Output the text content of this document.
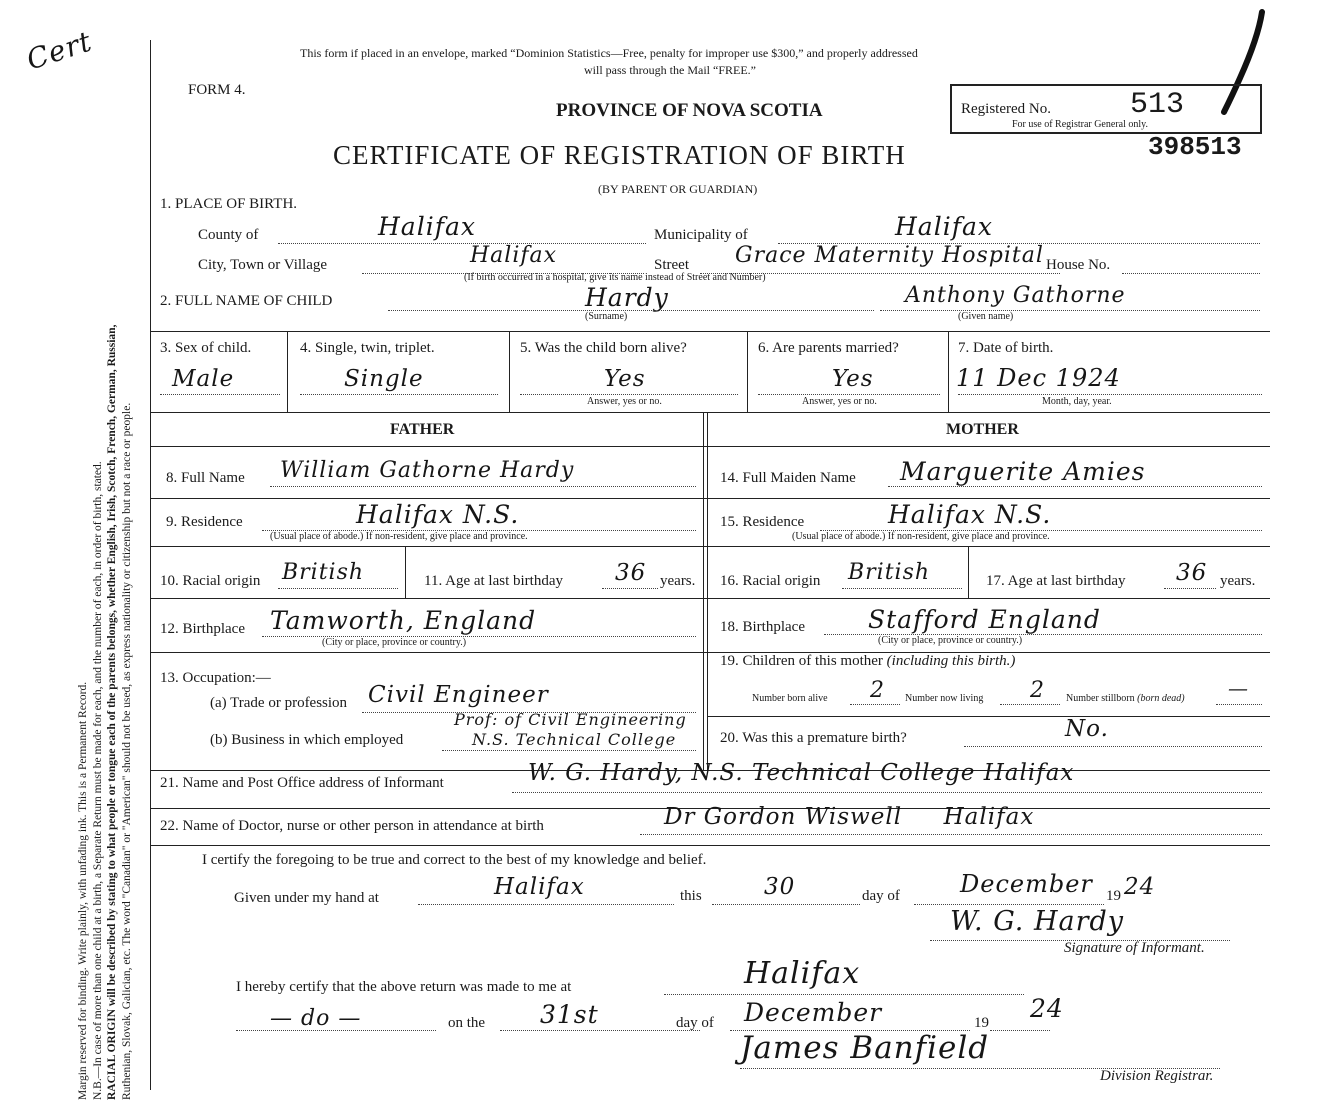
Margin reserved for binding. Write plainly, with unfading ink. This is a Permanent Record. N.B.—In case of more than one child at a birth, a Separate Return must be made for each, and the number of each, in order of birth, stated. RACIAL ORIGIN will be described by stating to what people or tongue each of the parents belongs, whether English, Irish, Scotch, French, German, Russian, Ruthenian, Slovak, Galician, etc. The word "Canadian" or "American" should not be used, as express nationality or citizenship but not a race or people.
Cert	This form if placed in an envelope, marked “Dominion Statistics—Free, penalty for improper use $300,” and properly addressed
will pass through the Mail “FREE.”
FORM 4.
PROVINCE OF NOVA SCOTIA
CERTIFICATE OF REGISTRATION OF BIRTH
(BY PARENT OR GUARDIAN)
Registered No.	513
For use of Registrar General only.
398513
1. PLACE OF BIRTH.
County of	Halifax	Municipality of	Halifax
City, Town or Village	Halifax	Street Grace Maternity Hospital House No.
(If birth occurred in a hospital, give its name instead of Street and Number)
2. FULL NAME OF CHILD	Hardy
(Surname)
Anthony Gathorne
(Given name)
3. Sex of child.
Male
4. Single, twin, triplet.
Single
5. Was the child born alive?
Yes
Answer, yes or no.
6. Are parents married?
Yes
Answer, yes or no.
7. Date of birth.
11 Dec 1924
Month, day, year.
FATHER	MOTHER
8. Full Name William Gathorne Hardy
9. Residence	Halifax N.S.
(Usual place of abode.) If non-resident, give place and province.
10. Racial origin British	11. Age at last birthday 36 years.
12. Birthplace Tamworth, England
(City or place, province or country.)
13. Occupation:—
(a) Trade or profession Civil Engineer
(b) Business in which employed
Prof: of Civil Engineering
N.S. Technical College
14. Full Maiden Name Marguerite Amies
15. Residence	Halifax N.S.
(Usual place of abode.) If non-resident, give place and province.
16. Racial origin British	17. Age at last birthday 36 years.
18. Birthplace	Stafford England
(City or place, province or country.)
19. Children of this mother (including this birth.)
Number born alive 2 Number now living 2 Number stillborn (born dead) —
20. Was this a premature birth?	No.
21. Name and Post Office address of Informant	W. G. Hardy, N.S. Technical College Halifax
22. Name of Doctor, nurse or other person in attendance at birth	Dr Gordon Wiswell     Halifax
I certify the foregoing to be true and correct to the best of my knowledge and belief.
Given under my hand at	Halifax	this	30	day of	December 19 24
W. G. Hardy
Signature of Informant.
I hereby certify that the above return was made to me at	Halifax
— do —	on the 31st	day of December	19 24
James Banfield
Division Registrar.
